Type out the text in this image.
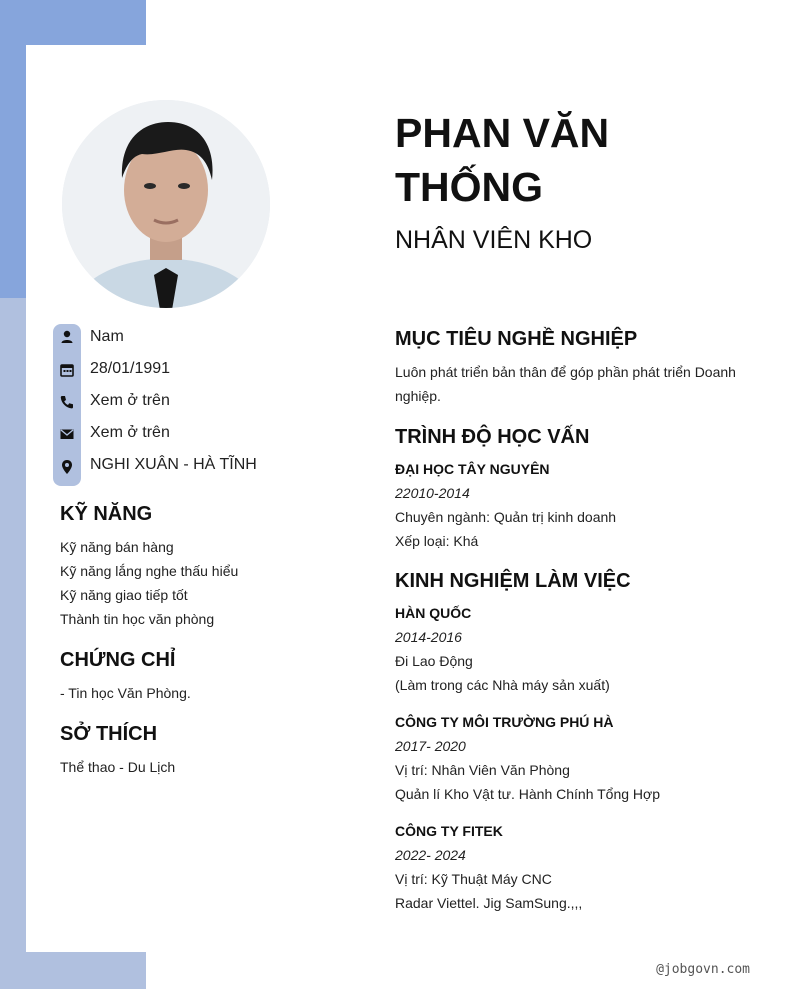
Nam
28/01/1991
Xem ở trên
Xem ở trên
NGHI XUÂN - HÀ TĨNH
KỸ NĂNG
Kỹ năng bán hàng
Kỹ năng lắng nghe thấu hiểu
Kỹ năng giao tiếp tốt
Thành tin học văn phòng
CHỨNG CHỈ
- Tin học Văn Phòng.
SỞ THÍCH
Thể thao - Du Lịch
PHAN VĂN THỐNG
NHÂN VIÊN KHO
MỤC TIÊU NGHỀ NGHIỆP
Luôn phát triển bản thân để góp phần phát triển Doanh nghiệp.
TRÌNH ĐỘ HỌC VẤN
ĐẠI HỌC TÂY NGUYÊN
22010-2014
Chuyên ngành: Quản trị kinh doanh
Xếp loại: Khá
KINH NGHIỆM LÀM VIỆC
HÀN QUỐC
2014-2016
Đi Lao Động
(Làm trong các Nhà máy sản xuất)
CÔNG TY MÔI TRƯỜNG PHÚ HÀ
2017- 2020
Vị trí: Nhân Viên Văn Phòng
Quản lí Kho Vật tư. Hành Chính Tổng Hợp
CÔNG TY FITEK
2022- 2024
Vị trí: Kỹ Thuật Máy CNC
Radar Viettel. Jig SamSung.,,,
@jobgovn.com
